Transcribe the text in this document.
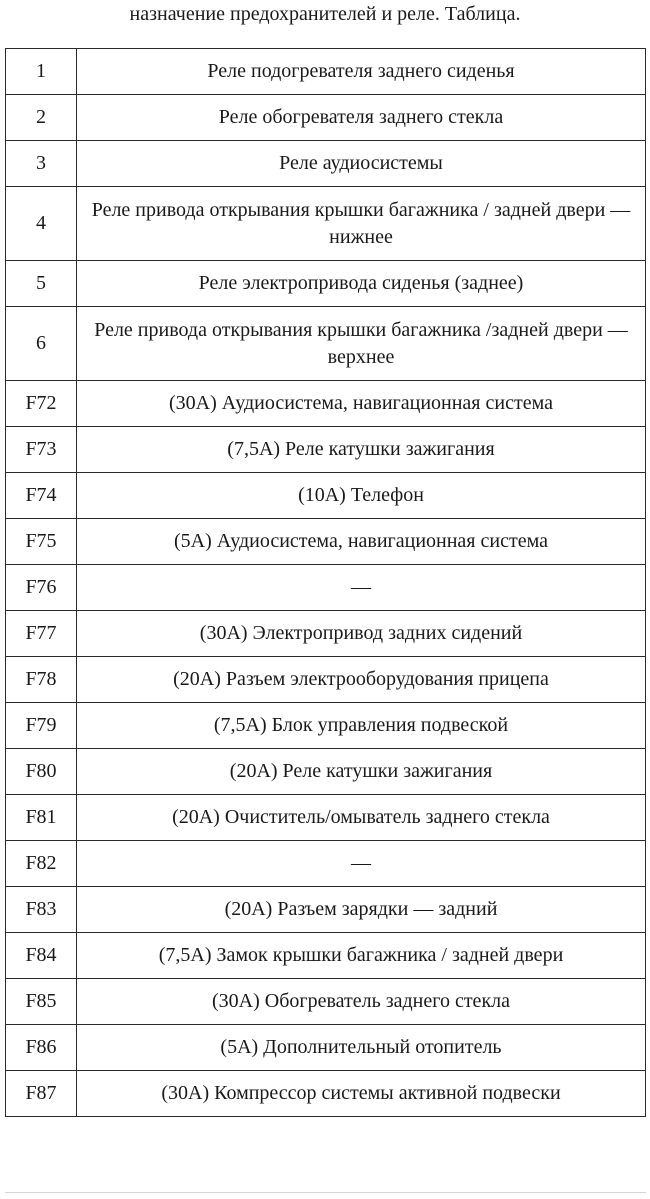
назначение предохранителей и реле. Таблица.
1	Реле подогревателя заднего сиденья
2	Реле обогревателя заднего стекла
3	Реле аудиосистемы
4	Реле привода открывания крышки багажника / задней двери — нижнее
5	Реле электропривода сиденья (заднее)
6	Реле привода открывания крышки багажника /задней двери — верхнее
F72	(30A) Аудиосистема, навигационная система
F73	(7,5A) Реле катушки зажигания
F74	(10A) Телефон
F75	(5A) Аудиосистема, навигационная система
F76	—
F77	(30A) Электропривод задних сидений
F78	(20A) Разъем электрооборудования прицепа
F79	(7,5A) Блок управления подвеской
F80	(20A) Реле катушки зажигания
F81	(20A) Очиститель/омыватель заднего стекла
F82	—
F83	(20A) Разъем зарядки — задний
F84	(7,5A) Замок крышки багажника / задней двери
F85	(30A) Обогреватель заднего стекла
F86	(5A) Дополнительный отопитель
F87	(30A) Компрессор системы активной подвески
